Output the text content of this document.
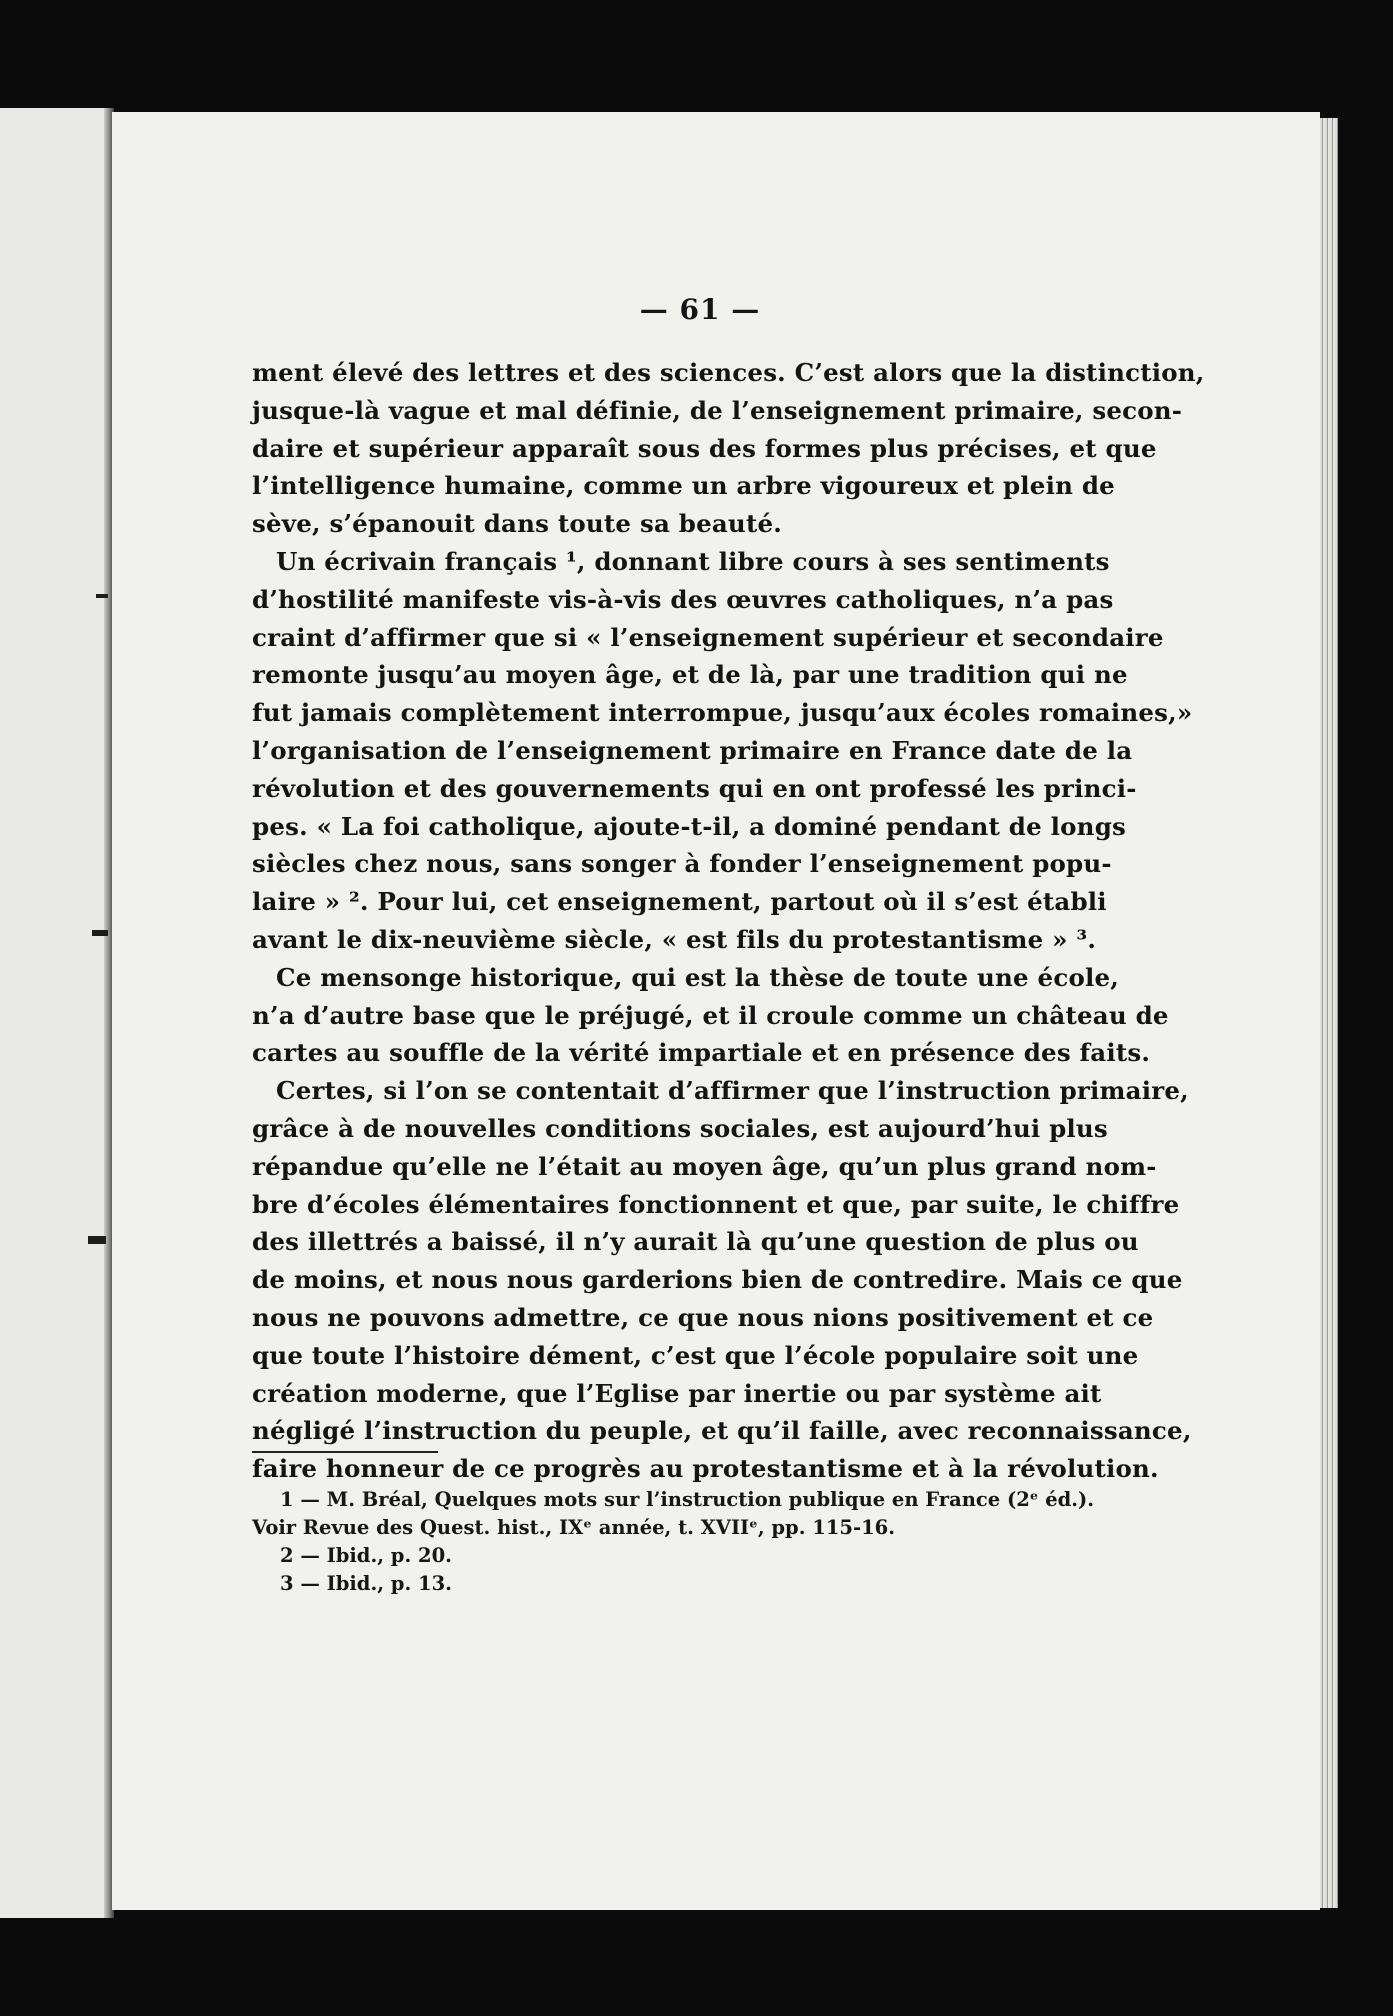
— 61 —
ment élevé des lettres et des sciences. C’est alors que la distinction,
jusque-là vague et mal définie, de l’enseignement primaire, secon-
daire et supérieur apparaît sous des formes plus précises, et que
l’intelligence humaine, comme un arbre vigoureux et plein de
sève, s’épanouit dans toute sa beauté.
Un écrivain français ¹, donnant libre cours à ses sentiments
d’hostilité manifeste vis-à-vis des œuvres catholiques, n’a pas
craint d’affirmer que si « l’enseignement supérieur et secondaire
remonte jusqu’au moyen âge, et de là, par une tradition qui ne
fut jamais complètement interrompue, jusqu’aux écoles romaines,»
l’organisation de l’enseignement primaire en France date de la
révolution et des gouvernements qui en ont professé les princi-
pes. « La foi catholique, ajoute-t-il, a dominé pendant de longs
siècles chez nous, sans songer à fonder l’enseignement popu-
laire » ². Pour lui, cet enseignement, partout où il s’est établi
avant le dix-neuvième siècle, « est fils du protestantisme » ³.
Ce mensonge historique, qui est la thèse de toute une école,
n’a d’autre base que le préjugé, et il croule comme un château de
cartes au souffle de la vérité impartiale et en présence des faits.
Certes, si l’on se contentait d’affirmer que l’instruction primaire,
grâce à de nouvelles conditions sociales, est aujourd’hui plus
répandue qu’elle ne l’était au moyen âge, qu’un plus grand nom-
bre d’écoles élémentaires fonctionnent et que, par suite, le chiffre
des illettrés a baissé, il n’y aurait là qu’une question de plus ou
de moins, et nous nous garderions bien de contredire. Mais ce que
nous ne pouvons admettre, ce que nous nions positivement et ce
que toute l’histoire dément, c’est que l’école populaire soit une
création moderne, que l’Eglise par inertie ou par système ait
négligé l’instruction du peuple, et qu’il faille, avec reconnaissance,
faire honneur de ce progrès au protestantisme et à la révolution.
1 — M. Bréal, Quelques mots sur l’instruction publique en France (2ᵉ éd.).
Voir Revue des Quest. hist., IXᵉ année, t. XVIIᵉ, pp. 115-16.
2 — Ibid., p. 20.
3 — Ibid., p. 13.
